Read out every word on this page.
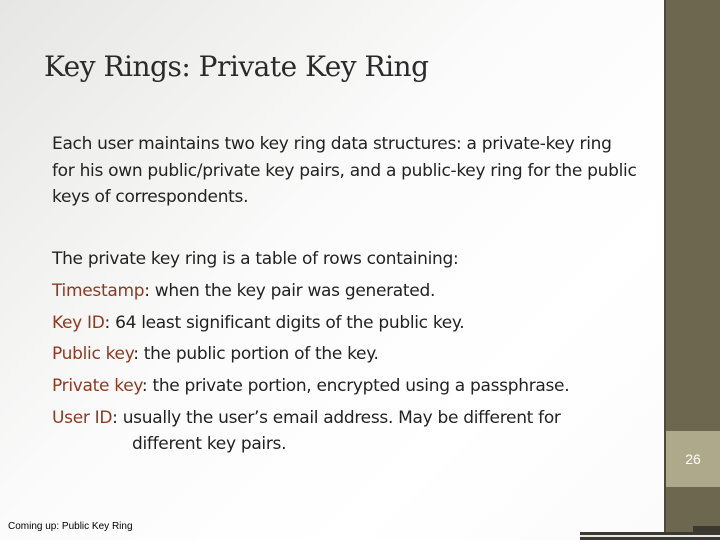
26
Key Rings: Private Key Ring

Each user maintains two key ring data structures: a private-key ring for his own public/private key pairs, and a public-key ring for the public keys of correspondents.

The private key ring is a table of rows containing:

Timestamp: when the key pair was generated.
Key ID: 64 least significant digits of the public key.
Public key: the public portion of the key.
Private key: the private portion, encrypted using a passphrase.
User ID: usually the user’s email address. May be different for
different key pairs.
Coming up: Public Key Ring
